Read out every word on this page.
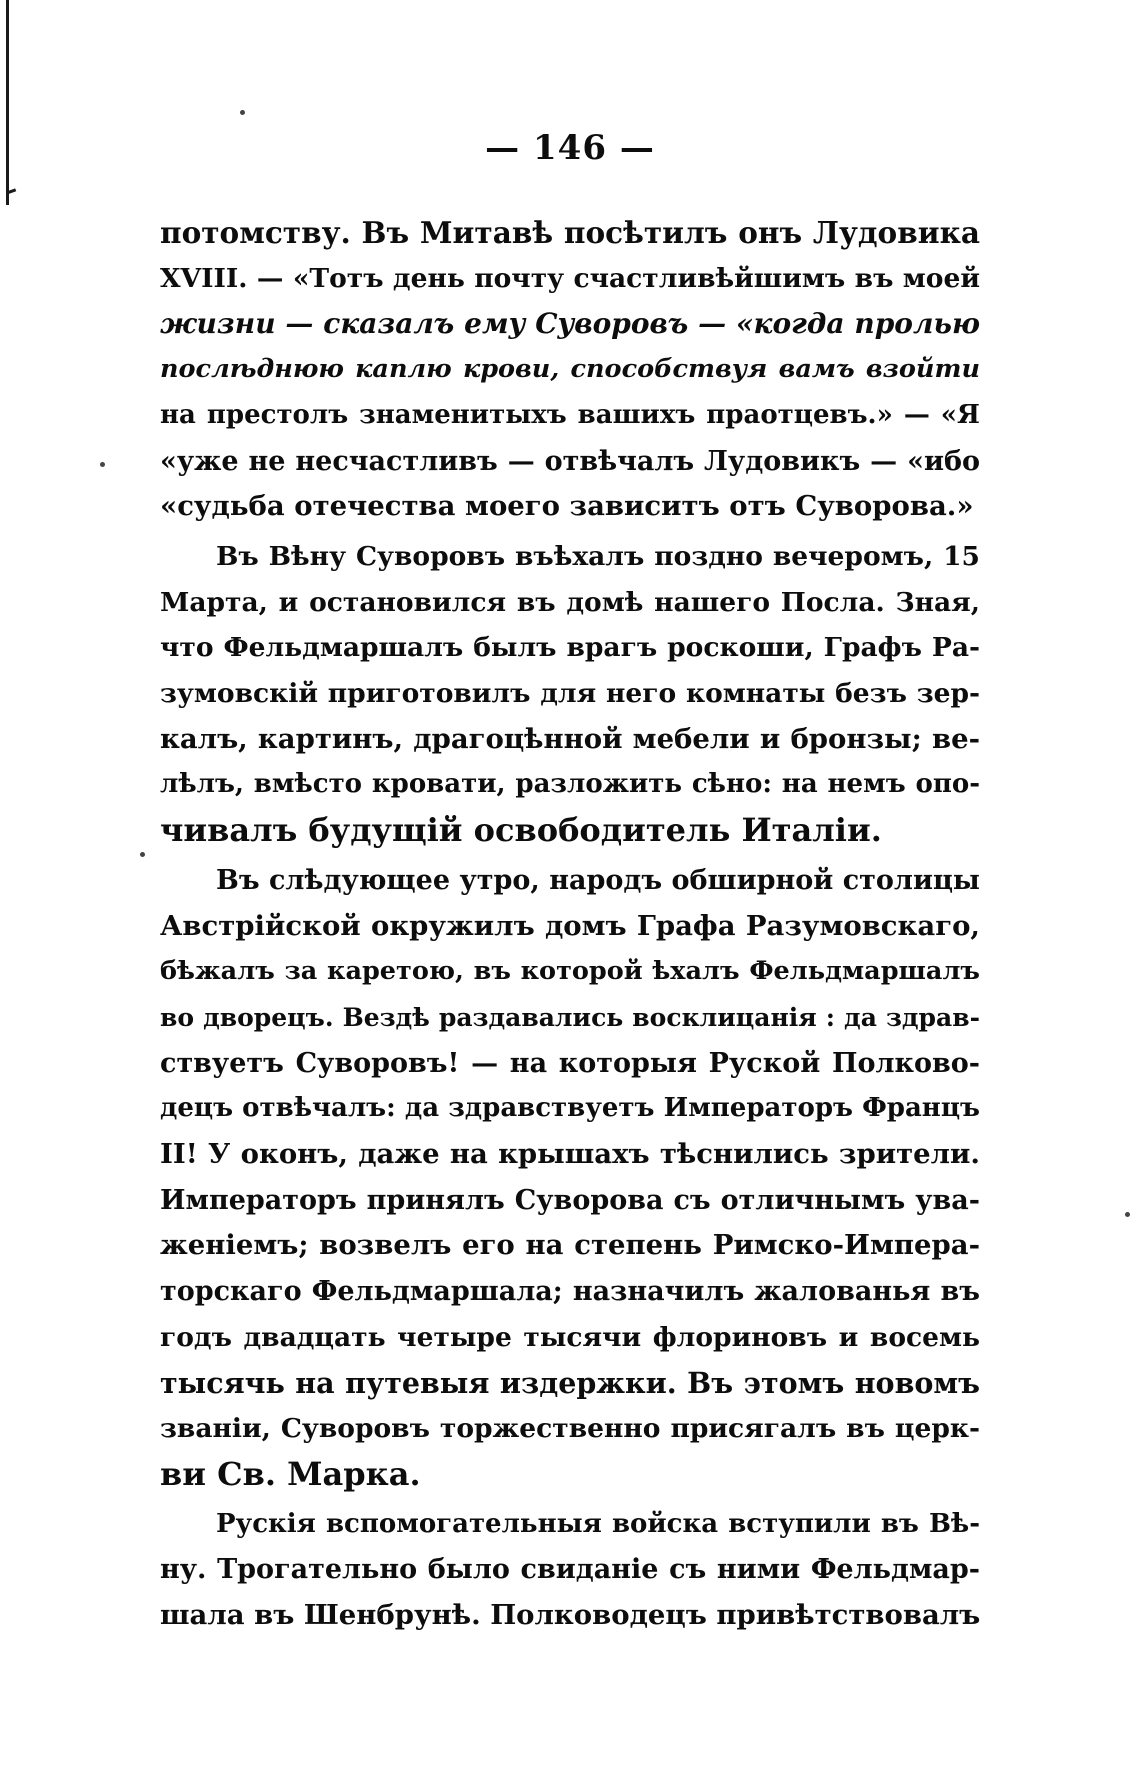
— 146 —

потомству. Въ Митавѣ посѣтилъ онъ Лудовика
XVIII. — «Тотъ день почту счастливѣйшимъ въ моей
жизни — сказалъ ему Суворовъ — «когда пролью
послѣднюю каплю крови, способствуя вамъ взойти
на престолъ знаменитыхъ вашихъ праотцевъ.» — «Я
«уже не несчастливъ — отвѣчалъ Лудовикъ — «ибо
«судьба отечества моего зависитъ отъ Суворова.»

Въ Вѣну Суворовъ въѣхалъ поздно вечеромъ, 15
Марта, и остановился въ домѣ нашего Посла. Зная,
что Фельдмаршалъ былъ врагъ роскоши, Графъ Ра-
зумовскій приготовилъ для него комнаты безъ зер-
калъ, картинъ, драгоцѣнной мебели и бронзы; ве-
лѣлъ, вмѣсто кровати, разложить сѣно: на немъ опо-
чивалъ будущій освободитель Италіи.

Въ слѣдующее утро, народъ обширной столицы
Австрійской окружилъ домъ Графа Разумовскаго,
бѣжалъ за каретою, въ которой ѣхалъ Фельдмаршалъ
во дворецъ. Вездѣ раздавались восклицанія : да здрав-
ствуетъ Суворовъ! — на которыя Руской Полково-
децъ отвѣчалъ: да здравствуетъ Императоръ Францъ
II! У оконъ, даже на крышахъ тѣснились зрители.
Императоръ принялъ Суворова съ отличнымъ ува-
женіемъ; возвелъ его на степень Римско-Импера-
торскаго Фельдмаршала; назначилъ жалованья въ
годъ двадцать четыре тысячи флориновъ и восемь
тысячь на путевыя издержки. Въ этомъ новомъ
званіи, Суворовъ торжественно присягалъ въ церк-
ви Св. Марка.

Рускія вспомогательныя войска вступили въ Вѣ-
ну. Трогательно было свиданіе съ ними Фельдмар-
шала въ Шенбрунѣ. Полководецъ привѣтствовалъ
